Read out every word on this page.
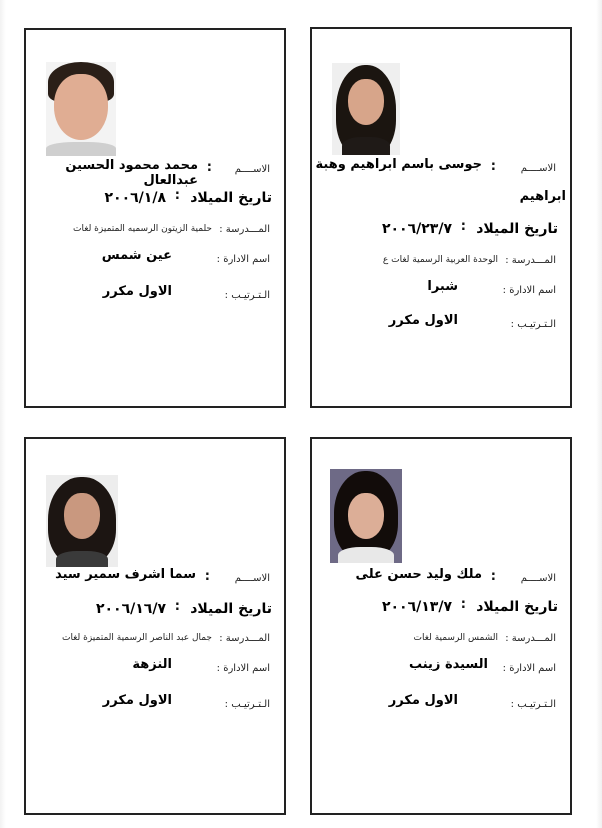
الاســــم
:
جوسى باسم ابراهيم وهبة
ابراهيم
تاريخ الميلاد
:
٢٠٠٦/٢٣/٧
المـــدرسة :
الوحدة العربية الرسمية لغات ع
اسم الادارة :
شبرا
الـتـرتيـب :
الاول مكرر
الاســــم
:
محمد محمود الحسين عبدالعال
تاريخ الميلاد
:
٢٠٠٦/١/٨
المـــدرسة :
حلمية الزيتون الرسميه المتميزة لغات
اسم الادارة :
عين شمس
الـتـرتيـب :
الاول مكرر
الاســــم
:
ملك وليد حسن على
تاريخ الميلاد
:
٢٠٠٦/١٣/٧
المـــدرسة :
الشمس الرسمية لغات
اسم الادارة :
السيدة زينب
الـتـرتيـب :
الاول مكرر
الاســــم
:
سما اشرف سمير سيد
تاريخ الميلاد
:
٢٠٠٦/١٦/٧
المـــدرسة :
جمال عبد الناصر الرسمية المتميزة لغات
اسم الادارة :
النزهة
الـتـرتيـب :
الاول مكرر
